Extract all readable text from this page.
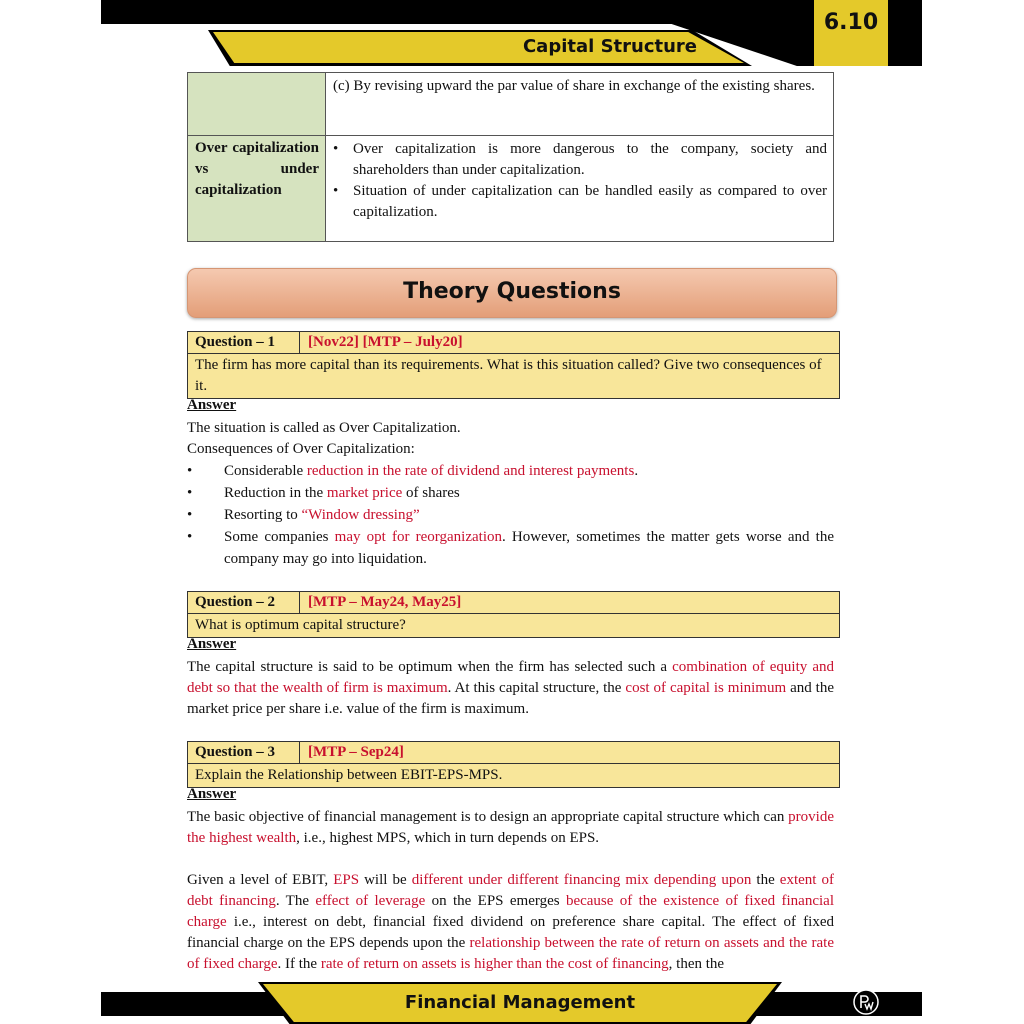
Capital Structure
6.10

	(c) By revising upward the par value of share in exchange of the existing shares.

Over capitalization vs under capitalization	• Over capitalization is more dangerous to the company, society and shareholders than under capitalization.
• Situation of under capitalization can be handled easily as compared to over capitalization.
Theory Questions
Question – 1	[Nov22] [MTP – July20]
The firm has more capital than its requirements. What is this situation called? Give two consequences of it.
Answer
The situation is called as Over Capitalization.
Consequences of Over Capitalization:
•	Considerable reduction in the rate of dividend and interest payments.
•	Reduction in the market price of shares
•	Resorting to “Window dressing”
•	Some companies may opt for reorganization. However, sometimes the matter gets worse and the company may go into liquidation.
Question – 2	[MTP – May24, May25]
What is optimum capital structure?
Answer
The capital structure is said to be optimum when the firm has selected such a combination of equity and debt so that the wealth of firm is maximum. At this capital structure, the cost of capital is minimum and the market price per share i.e. value of the firm is maximum.
Question – 3	[MTP – Sep24]
Explain the Relationship between EBIT-EPS-MPS.
Answer
The basic objective of financial management is to design an appropriate capital structure which can provide the highest wealth, i.e., highest MPS, which in turn depends on EPS.
Given a level of EBIT, EPS will be different under different financing mix depending upon the extent of debt financing. The effect of leverage on the EPS emerges because of the existence of fixed financial charge i.e., interest on debt, financial fixed dividend on preference share capital. The effect of fixed financial charge on the EPS depends upon the relationship between the rate of return on assets and the rate of fixed charge. If the rate of return on assets is higher than the cost of financing, then the
Financial Management
